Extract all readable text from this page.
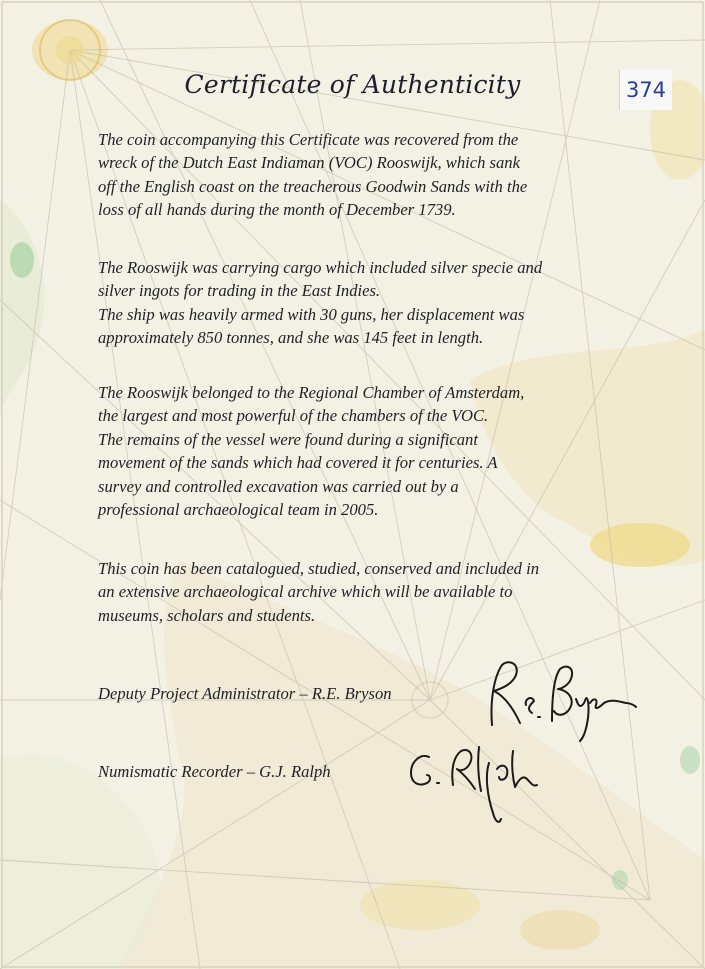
Certificate of Authenticity	374

The coin accompanying this Certificate was recovered from the
wreck of the Dutch East Indiaman (VOC) Rooswijk, which sank
off the English coast on the treacherous Goodwin Sands with the
loss of all hands during the month of December 1739.

The Rooswijk was carrying cargo which included silver specie and
silver ingots for trading in the East Indies.
The ship was heavily armed with 30 guns, her displacement was
approximately 850 tonnes, and she was 145 feet in length.

The Rooswijk belonged to the Regional Chamber of Amsterdam,
the largest and most powerful of the chambers of the VOC.
The remains of the vessel were found during a significant
movement of the sands which had covered it for centuries. A
survey and controlled excavation was carried out by a
professional archaeological team in 2005.

This coin has been catalogued, studied, conserved and included in
an extensive archaeological archive which will be available to
museums, scholars and students.

Deputy Project Administrator – R.E. Bryson
Numismatic Recorder – G.J. Ralph
